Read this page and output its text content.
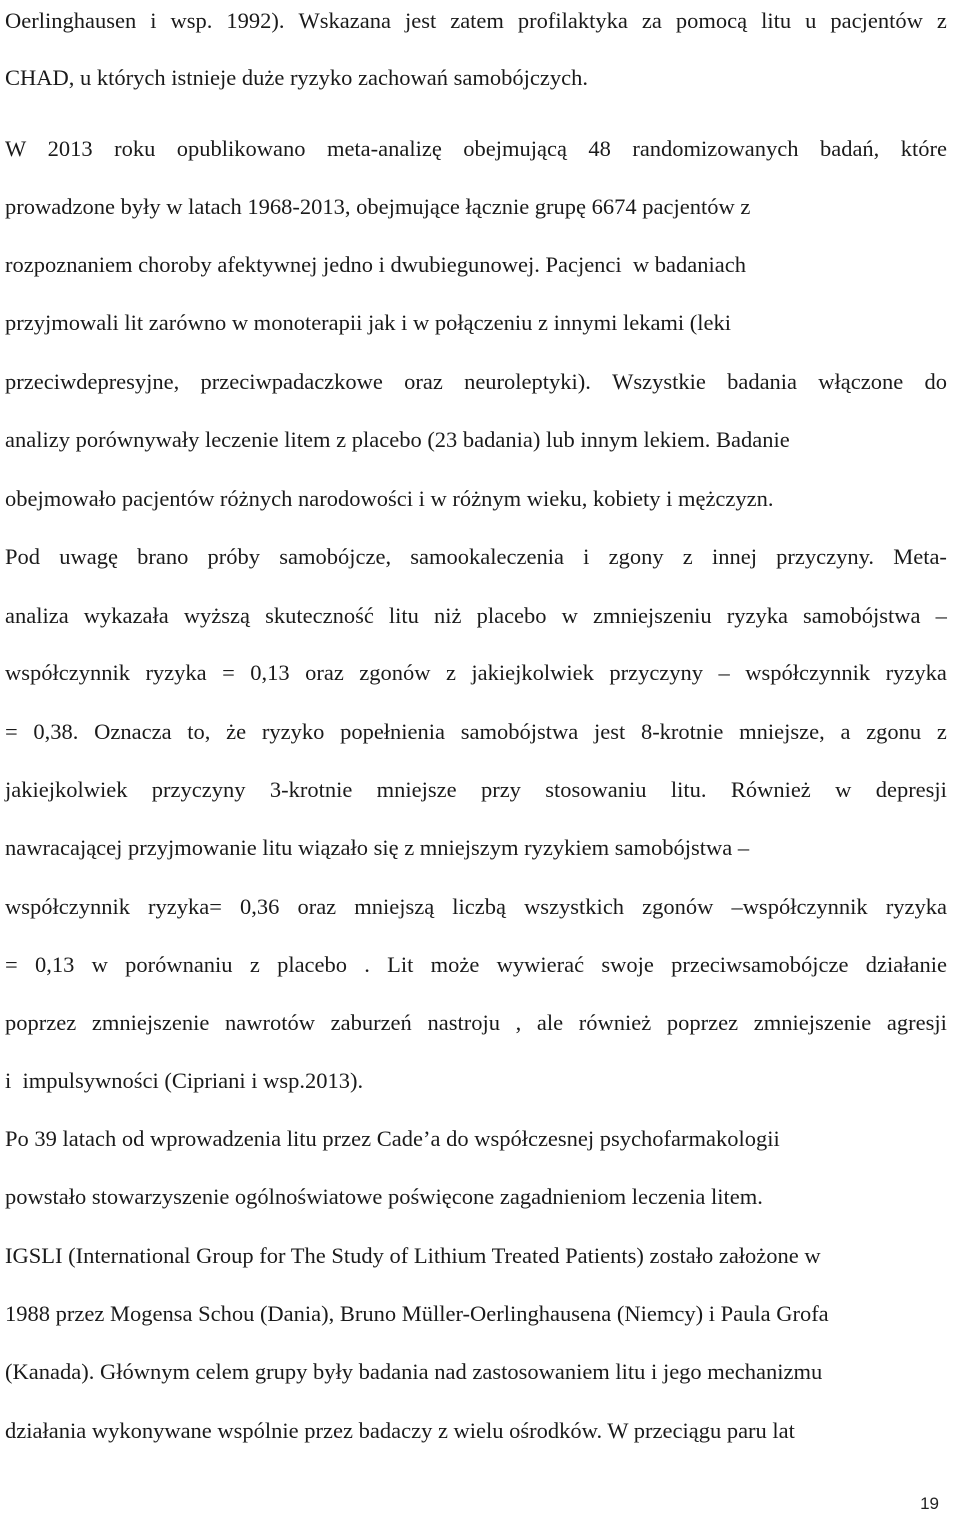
Oerlinghausen i wsp. 1992). Wskazana jest zatem profilaktyka za pomocą litu u pacjentów z
CHAD, u których istnieje duże ryzyko zachowań samobójczych.
W 2013 roku opublikowano meta-analizę obejmującą 48 randomizowanych badań, które
prowadzone były w latach 1968-2013, obejmujące łącznie grupę 6674 pacjentów z
rozpoznaniem choroby afektywnej jedno i dwubiegunowej. Pacjenci  w badaniach
przyjmowali lit zarówno w monoterapii jak i w połączeniu z innymi lekami (leki
przeciwdepresyjne, przeciwpadaczkowe oraz neuroleptyki). Wszystkie badania włączone do
analizy porównywały leczenie litem z placebo (23 badania) lub innym lekiem. Badanie
obejmowało pacjentów różnych narodowości i w różnym wieku, kobiety i mężczyzn.
Pod uwagę brano próby samobójcze, samookaleczenia i zgony z innej przyczyny. Meta-
analiza wykazała wyższą skuteczność litu niż placebo w zmniejszeniu ryzyka samobójstwa –
współczynnik ryzyka = 0,13 oraz zgonów z jakiejkolwiek przyczyny – współczynnik ryzyka
= 0,38. Oznacza to, że ryzyko popełnienia samobójstwa jest 8-krotnie mniejsze, a zgonu z
jakiejkolwiek przyczyny 3-krotnie mniejsze przy stosowaniu litu. Również w depresji
nawracającej przyjmowanie litu wiązało się z mniejszym ryzykiem samobójstwa –
współczynnik ryzyka= 0,36 oraz mniejszą liczbą wszystkich zgonów –współczynnik ryzyka
= 0,13 w porównaniu z placebo . Lit może wywierać swoje przeciwsamobójcze działanie
poprzez zmniejszenie nawrotów zaburzeń nastroju , ale również poprzez zmniejszenie agresji
i  impulsywności (Cipriani i wsp.2013).
Po 39 latach od wprowadzenia litu przez Cade’a do współczesnej psychofarmakologii
powstało stowarzyszenie ogólnoświatowe poświęcone zagadnieniom leczenia litem.
IGSLI (International Group for The Study of Lithium Treated Patients) zostało założone w
1988 przez Mogensa Schou (Dania), Bruno Müller-Oerlinghausena (Niemcy) i Paula Grofa
(Kanada). Głównym celem grupy były badania nad zastosowaniem litu i jego mechanizmu
działania wykonywane wspólnie przez badaczy z wielu ośrodków. W przeciągu paru lat
19
